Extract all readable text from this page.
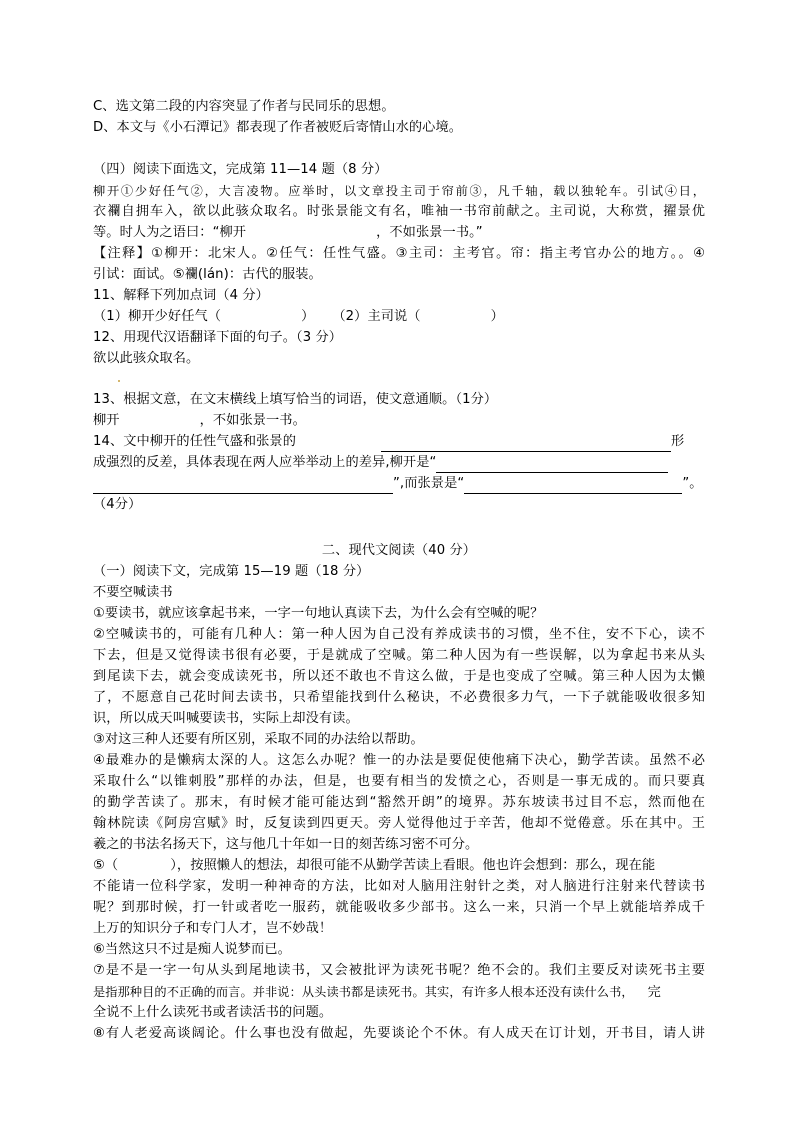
C、选文第二段的内容突显了作者与民同乐的思想。
D、本文与《小石潭记》都表现了作者被贬后寄情山水的心境。
（四）阅读下面选文，完成第 11—14 题（8 分）
柳开①少好任气②，大言凌物。应举时，以文章投主司于帘前③，凡千轴，载以独轮车。引试④日，
衣襴自拥车入，欲以此骇众取名。时张景能文有名，唯袖一书帘前献之。主司说，大称赏，擢景优
等。时人为之语曰：“柳开	，不如张景一书。”
【注释】①柳开：北宋人。②任气：任性气盛。③主司：主考官。帘：指主考官办公的地方。。④
引试：面试。⑤襴(lán)：古代的服装。
11、解释下列加点词（4 分）
（1）柳开少好任气（	） （2）主司说（	）
12、用现代汉语翻译下面的句子。（3 分）
欲以此骇众取名。
13、根据文意，在文末横线上填写恰当的词语，使文意通顺。（1分）
柳开	，不如张景一书。
14、文中柳开的任性气盛和张景的	形
成强烈的反差，具体表现在两人应举举动上的差异,柳开是“
”,而张景是“	”。
（4分）
二、现代文阅读（40 分）
（一）阅读下文，完成第 15—19 题（18 分）
不要空喊读书
①要读书，就应该拿起书来，一字一句地认真读下去，为什么会有空喊的呢？
②空喊读书的，可能有几种人：第一种人因为自己没有养成读书的习惯，坐不住，安不下心，读不
下去，但是又觉得读书很有必要，于是就成了空喊。第二种人因为有一些误解，以为拿起书来从头
到尾读下去，就会变成读死书，所以还不敢也不肯这么做，于是也变成了空喊。第三种人因为太懒
了，不愿意自己花时间去读书，只希望能找到什么秘诀，不必费很多力气，一下子就能吸收很多知
识，所以成天叫喊要读书，实际上却没有读。
③对这三种人还要有所区别，采取不同的办法给以帮助。
④最难办的是懒病太深的人。这怎么办呢？惟一的办法是要促使他痛下决心，勤学苦读。虽然不必
采取什么“以锥刺股”那样的办法，但是，也要有相当的发愤之心，否则是一事无成的。而只要真
的勤学苦读了。那末，有时候才能可能达到“豁然开朗”的境界。苏东坡读书过目不忘，然而他在
翰林院读《阿房宫赋》时，反复读到四更天。旁人觉得他过于辛苦，他却不觉倦意。乐在其中。王
羲之的书法名扬天下，这与他几十年如一日的刻苦练习密不可分。
⑤（	），按照懒人的想法，却很可能不从勤学苦读上看眼。他也许会想到：那么，现在能
不能请一位科学家，发明一种神奇的方法，比如对人脑用注射针之类，对人脑进行注射来代替读书
呢？到那时候，打一针或者吃一服药，就能吸收多少部书。这么一来，只消一个早上就能培养成千
上万的知识分子和专门人才，岂不妙哉！
⑥当然这只不过是痴人说梦而已。
⑦是不是一字一句从头到尾地读书，又会被批评为读死书呢？绝不会的。我们主要反对读死书主要
是指那种目的不正确的而言。并非说：从头读书都是读死书。其实，有许多人根本还没有读什么书， 完
全说不上什么读死书或者读活书的问题。
⑧有人老爱高谈阔论。什么事也没有做起，先要谈论个不休。有人成天在订计划，开书目，请人讲
